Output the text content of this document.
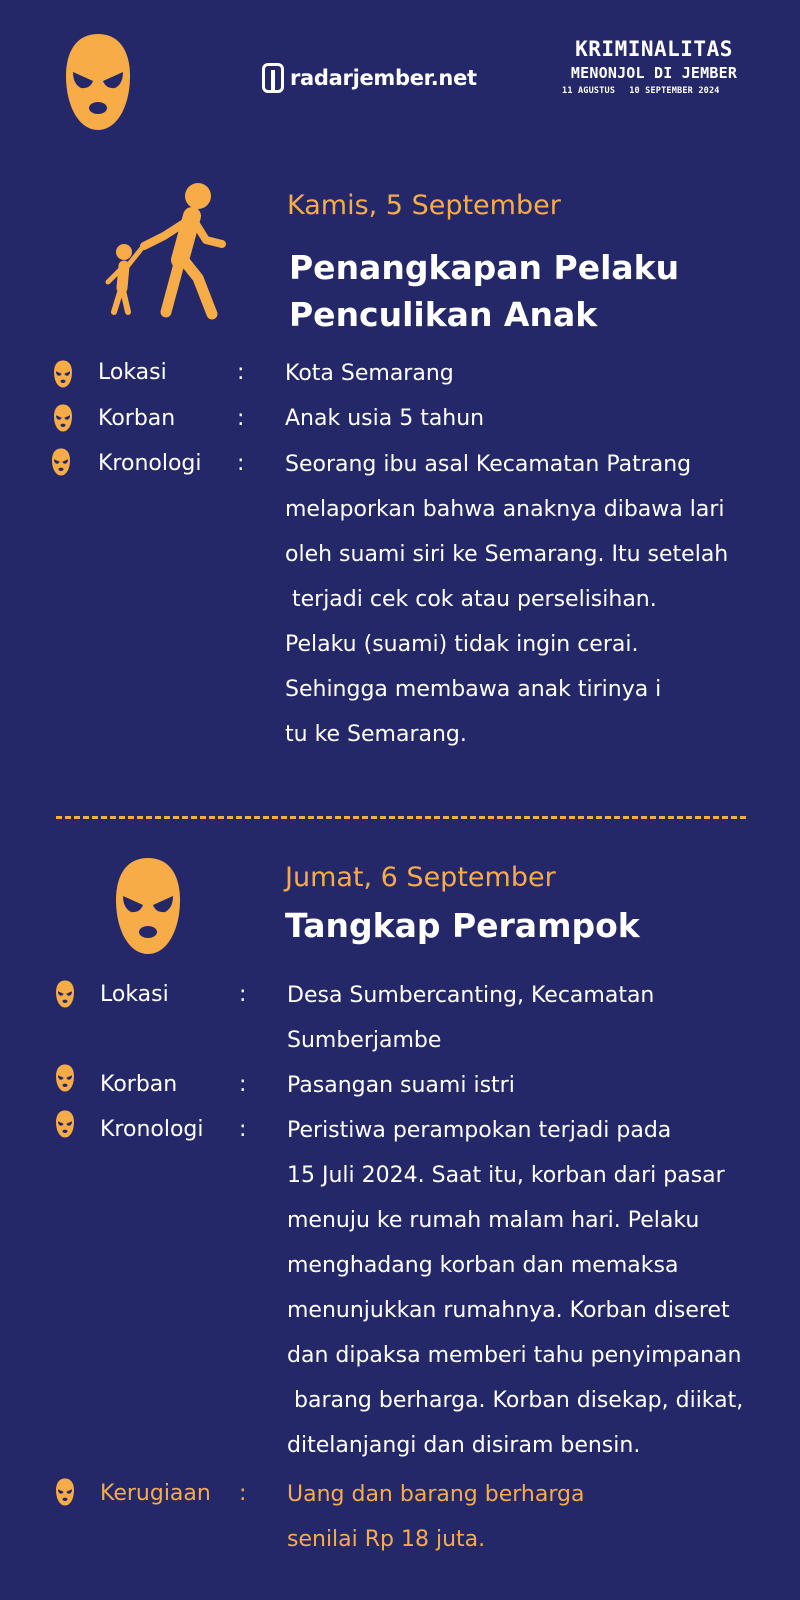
radarjember.net
KRIMINALITAS
MENONJOL DI JEMBER
11 AGUSTUS 10 SEPTEMBER 2024
Kamis, 5 September
Penangkapan Pelaku
Penculikan Anak
Lokasi	: Kota Semarang
Korban	: Anak usia 5 tahun
Kronologi : Seorang ibu asal Kecamatan Patrang
melaporkan bahwa anaknya dibawa lari
oleh suami siri ke Semarang. Itu setelah
terjadi cek cok atau perselisihan.
Pelaku (suami) tidak ingin cerai.
Sehingga membawa anak tirinya i
tu ke Semarang.
Jumat, 6 September
Tangkap Perampok
Lokasi	: Desa Sumbercanting, Kecamatan
Sumberjambe
Korban	: Pasangan suami istri
Kronologi : Peristiwa perampokan terjadi pada
15 Juli 2024. Saat itu, korban dari pasar
menuju ke rumah malam hari. Pelaku
menghadang korban dan memaksa
menunjukkan rumahnya. Korban diseret
dan dipaksa memberi tahu penyimpanan
barang berharga. Korban disekap, diikat,
ditelanjangi dan disiram bensin.
Kerugiaan : Uang dan barang berharga
senilai Rp 18 juta.
